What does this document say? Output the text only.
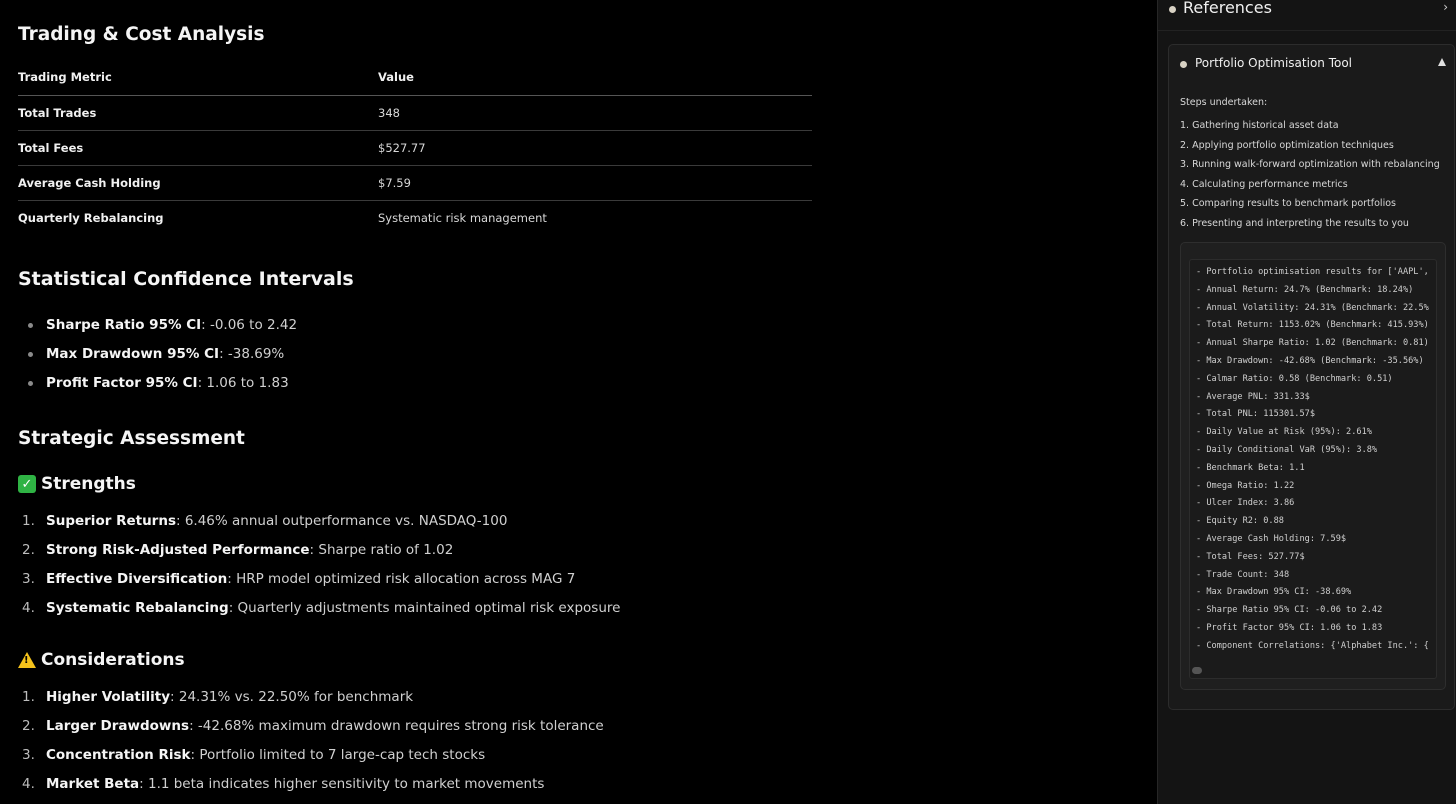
Trading & Cost Analysis
Trading Metric	Value
Total Trades	348
Total Fees	$527.77
Average Cash Holding	$7.59
Quarterly Rebalancing	Systematic risk management
Statistical Confidence Intervals
Sharpe Ratio 95% CI: -0.06 to 2.42
Max Drawdown 95% CI: -38.69%
Profit Factor 95% CI: 1.06 to 1.83
Strategic Assessment
✓ Strengths
1. Superior Returns: 6.46% annual outperformance vs. NASDAQ-100
2. Strong Risk-Adjusted Performance: Sharpe ratio of 1.02
3. Effective Diversification: HRP model optimized risk allocation across MAG 7
4. Systematic Rebalancing: Quarterly adjustments maintained optimal risk exposure
! Considerations
1. Higher Volatility: 24.31% vs. 22.50% for benchmark
2. Larger Drawdowns: -42.68% maximum drawdown requires strong risk tolerance
3. Concentration Risk: Portfolio limited to 7 large-cap tech stocks
4. Market Beta: 1.1 beta indicates higher sensitivity to market movements
References	›
Portfolio Optimisation Tool
Steps undertaken:
1. Gathering historical asset data
2. Applying portfolio optimization techniques
3. Running walk-forward optimization with rebalancing
4. Calculating performance metrics
5. Comparing results to benchmark portfolios
6. Presenting and interpreting the results to you
- Portfolio optimisation results for ['AAPL',
- Annual Return: 24.7% (Benchmark: 18.24%)
- Annual Volatility: 24.31% (Benchmark: 22.5%
- Total Return: 1153.02% (Benchmark: 415.93%)
- Annual Sharpe Ratio: 1.02 (Benchmark: 0.81)
- Max Drawdown: -42.68% (Benchmark: -35.56%)
- Calmar Ratio: 0.58 (Benchmark: 0.51)
- Average PNL: 331.33$
- Total PNL: 115301.57$
- Daily Value at Risk (95%): 2.61%
- Daily Conditional VaR (95%): 3.8%
- Benchmark Beta: 1.1
- Omega Ratio: 1.22
- Ulcer Index: 3.86
- Equity R2: 0.88
- Average Cash Holding: 7.59$
- Total Fees: 527.77$
- Trade Count: 348
- Max Drawdown 95% CI: -38.69%
- Sharpe Ratio 95% CI: -0.06 to 2.42
- Profit Factor 95% CI: 1.06 to 1.83
- Component Correlations: {'Alphabet Inc.': {
